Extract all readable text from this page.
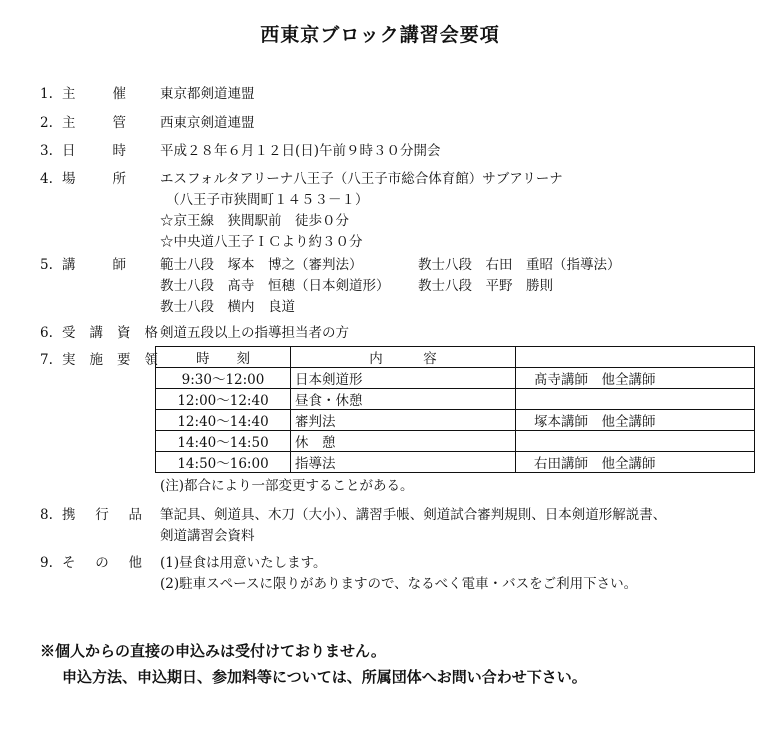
西東京ブロック講習会要項
1. 主	催	東京都剣道連盟
2. 主	管	西東京剣道連盟
3. 日	時	平成２８年６月１２日(日)午前９時３０分開会
4. 場	所	エスフォルタアリーナ八王子（八王子市総合体育館）サブアリーナ
（八王子市狭間町１４５３－１）
☆京王線　狭間駅前　徒歩０分
☆中央道八王子ＩＣより約３０分
5. 講	師	範士八段　塚本　博之（審判法）	教士八段　右田　重昭（指導法）
教士八段　髙寺　恒穂（日本剣道形）	教士八段　平野　勝則
教士八段　横内　良道
6. 受 講 資 格 剣道五段以上の指導担当者の方
7. 実 施 要 領	時　　刻	内　　　容	
9:30～12:00	日本剣道形	髙寺講師　他全講師
12:00～12:40	昼食・休憩	
12:40～14:40	審判法	塚本講師　他全講師
14:40～14:50	休　憩	
14:50～16:00	指導法	右田講師　他全講師
(注)都合により一部変更することがある。
8. 携 行 品 筆記具、剣道具、木刀（大小）、講習手帳、剣道試合審判規則、日本剣道形解説書、
剣道講習会資料
9. そ の 他 (1)昼食は用意いたします。
(2)駐車スペースに限りがありますので、なるべく電車・バスをご利用下さい。
※個人からの直接の申込みは受付けておりません。
申込方法、申込期日、参加料等については、所属団体へお問い合わせ下さい。
